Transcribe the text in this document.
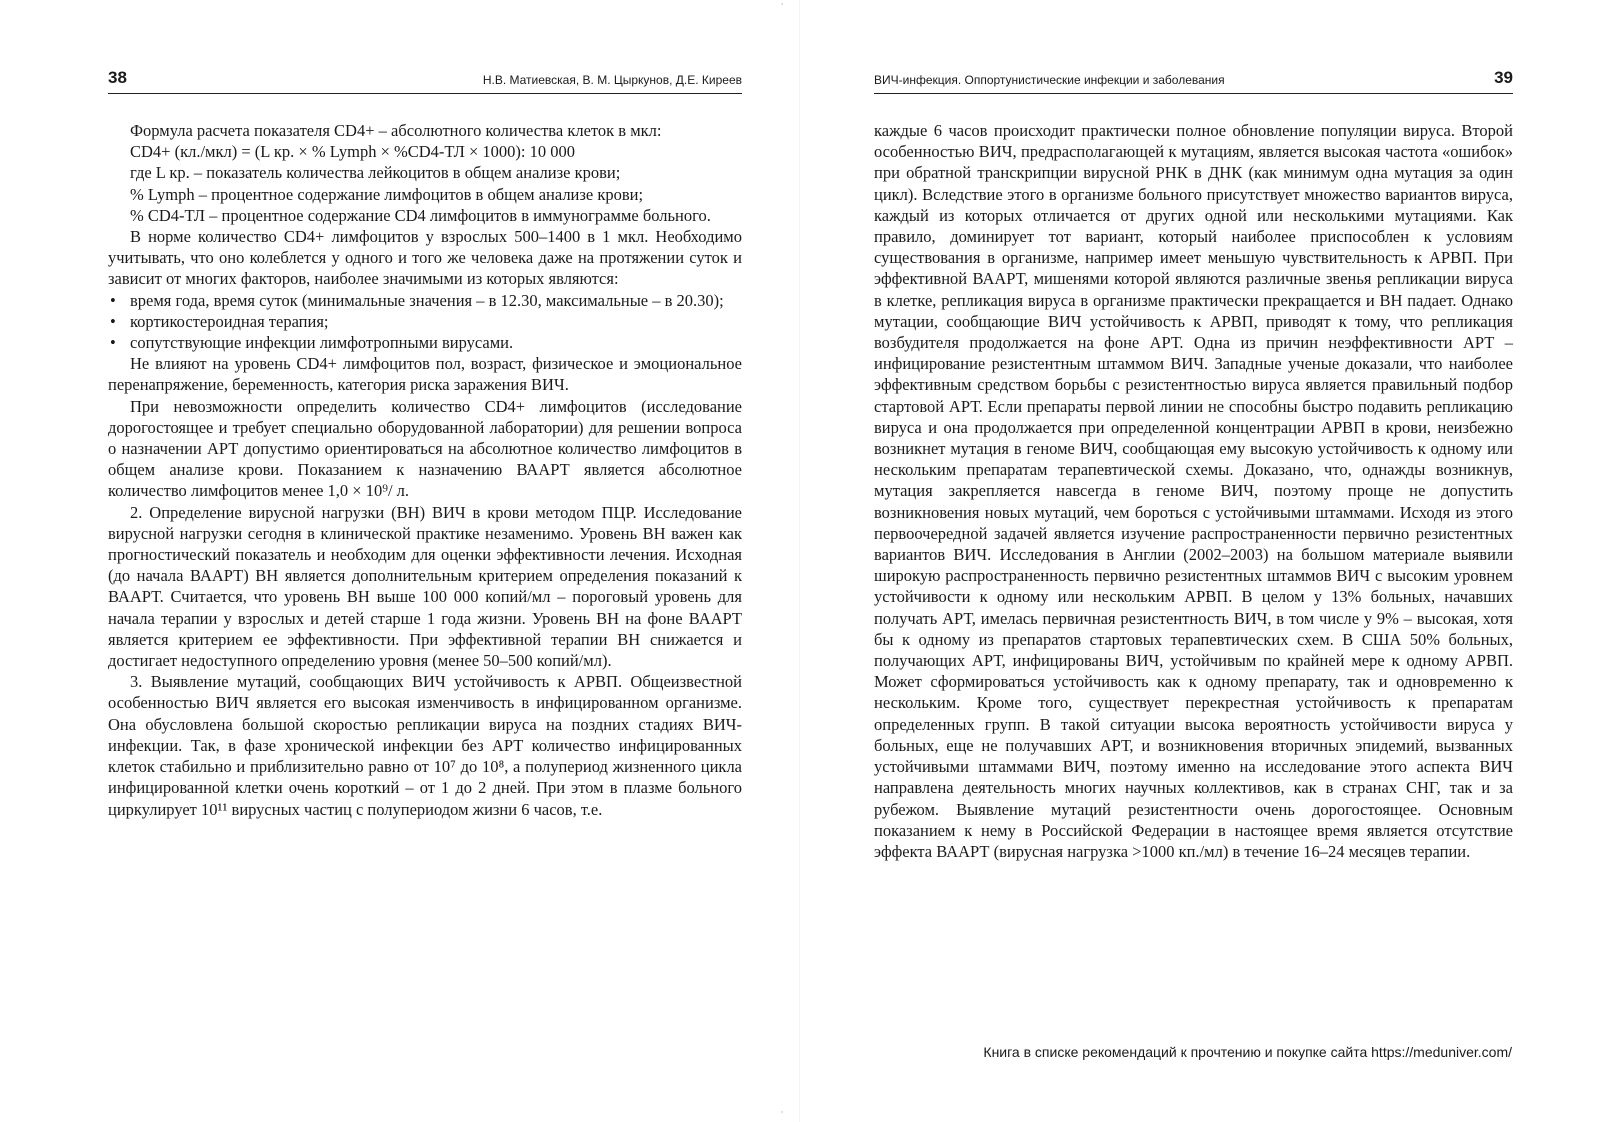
'
'
38	Н.В. Матиевская, В. М. Цыркунов, Д.Е. Киреев

Формула расчета показателя CD4+ – абсолютного количества клеток в мкл:

CD4+ (кл./мкл) = (L кр. × % Lymph × %CD4-ТЛ × 1000): 10 000

где L кр. – показатель количества лейкоцитов в общем анализе крови;

% Lymph – процентное содержание лимфоцитов в общем анализе крови;

% CD4-ТЛ – процентное содержание CD4 лимфоцитов в иммунограмме больного.

В норме количество CD4+ лимфоцитов у взрослых 500–1400 в 1 мкл. Необходимо учитывать, что оно колеблется у одного и того же человека даже на протяжении суток и зависит от многих факторов, наиболее значимыми из которых являются:

• время года, время суток (минимальные значения – в 12.30, максимальные – в 20.30);
• кортикостероидная терапия;
• сопутствующие инфекции лимфотропными вирусами.

Не влияют на уровень CD4+ лимфоцитов пол, возраст, физическое и эмоциональное перенапряжение, беременность, категория риска заражения ВИЧ.

При невозможности определить количество CD4+ лимфоцитов (исследование дорогостоящее и требует специально оборудованной лаборатории) для решении вопроса о назначении АРТ допустимо ориентироваться на абсолютное количество лимфоцитов в общем анализе крови. Показанием к назначению ВААРТ является абсолютное количество лимфоцитов менее 1,0 × 10⁹/ л.

2. Определение вирусной нагрузки (ВН) ВИЧ в крови методом ПЦР. Исследование вирусной нагрузки сегодня в клинической практике незаменимо. Уровень ВН важен как прогностический показатель и необходим для оценки эффективности лечения. Исходная (до начала ВААРТ) ВН является дополнительным критерием определения показаний к ВААРТ. Считается, что уровень ВН выше 100 000 копий/мл – пороговый уровень для начала терапии у взрослых и детей старше 1 года жизни. Уровень ВН на фоне ВААРТ является критерием ее эффективности. При эффективной терапии ВН снижается и достигает недоступного определению уровня (менее 50–500 копий/мл).

3. Выявление мутаций, сообщающих ВИЧ устойчивость к АРВП. Общеизвестной особенностью ВИЧ является его высокая изменчивость в инфицированном организме. Она обусловлена большой скоростью репликации вируса на поздних стадиях ВИЧ-инфекции. Так, в фазе хронической инфекции без АРТ количество инфицированных клеток стабильно и приблизительно равно от 10⁷ до 10⁸, а полупериод жизненного цикла инфицированной клетки очень короткий – от 1 до 2 дней. При этом в плазме больного циркулирует 10¹¹ вирусных частиц с полупериодом жизни 6 часов, т.е.

ВИЧ-инфекция. Оппортунистические инфекции и заболевания	39

каждые 6 часов происходит практически полное обновление популяции вируса. Второй особенностью ВИЧ, предрасполагающей к мутациям, является высокая частота «ошибок» при обратной транскрипции вирусной РНК в ДНК (как минимум одна мутация за один цикл). Вследствие этого в организме больного присутствует множество вариантов вируса, каждый из которых отличается от других одной или несколькими мутациями. Как правило, доминирует тот вариант, который наиболее приспособлен к условиям существования в организме, например имеет меньшую чувствительность к АРВП. При эффективной ВААРТ, мишенями которой являются различные звенья репликации вируса в клетке, репликация вируса в организме практически прекращается и ВН падает. Однако мутации, сообщающие ВИЧ устойчивость к АРВП, приводят к тому, что репликация возбудителя продолжается на фоне АРТ. Одна из причин неэффективности АРТ – инфицирование резистентным штаммом ВИЧ. Западные ученые доказали, что наиболее эффективным средством борьбы с резистентностью вируса является правильный подбор стартовой АРТ. Если препараты первой линии не способны быстро подавить репликацию вируса и она продолжается при определенной концентрации АРВП в крови, неизбежно возникнет мутация в геноме ВИЧ, сообщающая ему высокую устойчивость к одному или нескольким препаратам терапевтической схемы. Доказано, что, однажды возникнув, мутация закрепляется навсегда в геноме ВИЧ, поэтому проще не допустить возникновения новых мутаций, чем бороться с устойчивыми штаммами. Исходя из этого первоочередной задачей является изучение распространенности первично резистентных вариантов ВИЧ. Исследования в Англии (2002–2003) на большом материале выявили широкую распространенность первично резистентных штаммов ВИЧ с высоким уровнем устойчивости к одному или нескольким АРВП. В целом у 13% больных, начавших получать АРТ, имелась первичная резистентность ВИЧ, в том числе у 9% – высокая, хотя бы к одному из препаратов стартовых терапевтических схем. В США 50% больных, получающих АРТ, инфицированы ВИЧ, устойчивым по крайней мере к одному АРВП. Может сформироваться устойчивость как к одному препарату, так и одновременно к нескольким. Кроме того, существует перекрестная устойчивость к препаратам определенных групп. В такой ситуации высока вероятность устойчивости вируса у больных, еще не получавших АРТ, и возникновения вторичных эпидемий, вызванных устойчивыми штаммами ВИЧ, поэтому именно на исследование этого аспекта ВИЧ направлена деятельность многих научных коллективов, как в странах СНГ, так и за рубежом. Выявление мутаций резистентности очень дорогостоящее. Основным показанием к нему в Российской Федерации в настоящее время является отсутствие эффекта ВААРТ (вирусная нагрузка >1000 кп./мл) в течение 16–24 месяцев терапии.

Книга в списке рекомендаций к прочтению и покупке сайта https://meduniver.com/
